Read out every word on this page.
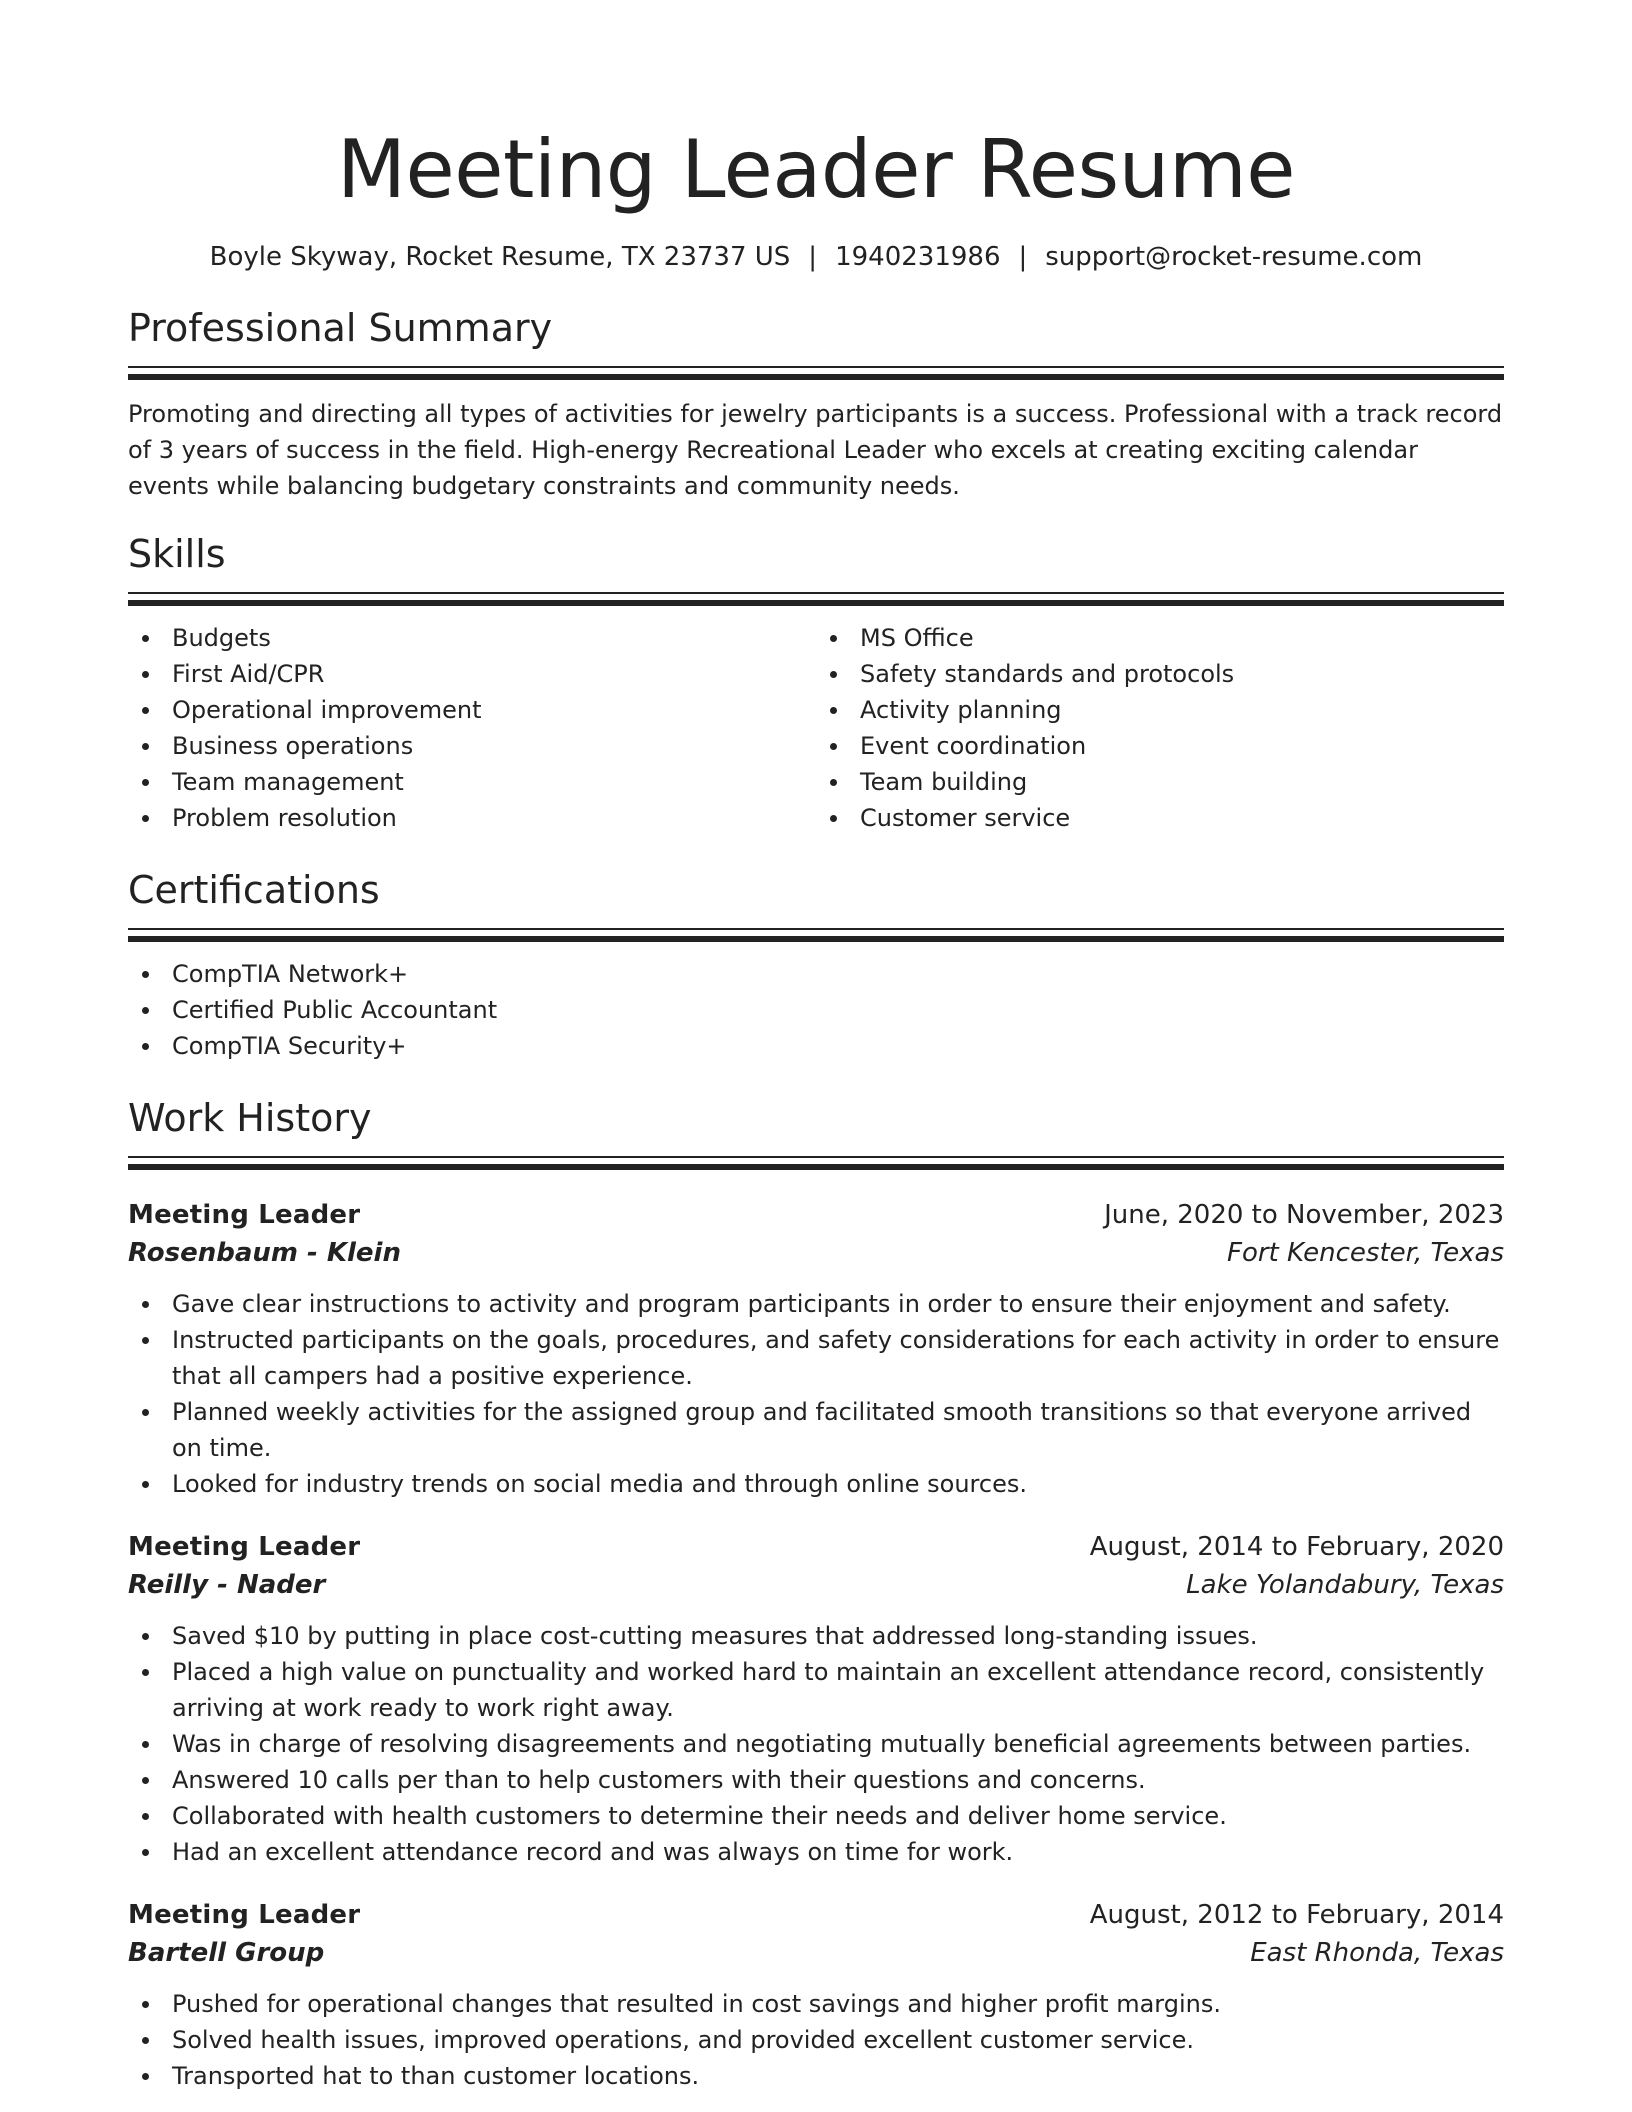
Meeting Leader Resume
Boyle Skyway, Rocket Resume, TX 23737 US | 1940231986 | support@rocket-resume.com
Professional Summary

Promoting and directing all types of activities for jewelry participants is a success. Professional with a track record of 3 years of success in the field. High-energy Recreational Leader who excels at creating exciting calendar events while balancing budgetary constraints and community needs.

Skills
Budgets
First Aid/CPR
Operational improvement
Business operations
Team management
Problem resolution
MS Office
Safety standards and protocols
Activity planning
Event coordination
Team building
Customer service
Certifications
CompTIA Network+
Certified Public Accountant
CompTIA Security+
Work History
Meeting Leader	June, 2020 to November, 2023
Rosenbaum - Klein	Fort Kencester, Texas
Gave clear instructions to activity and program participants in order to ensure their enjoyment and safety.
Instructed participants on the goals, procedures, and safety considerations for each activity in order to ensure that all campers had a positive experience.
Planned weekly activities for the assigned group and facilitated smooth transitions so that everyone arrived on time.
Looked for industry trends on social media and through online sources.
Meeting Leader	August, 2014 to February, 2020
Reilly - Nader	Lake Yolandabury, Texas
Saved $10 by putting in place cost-cutting measures that addressed long-standing issues.
Placed a high value on punctuality and worked hard to maintain an excellent attendance record, consistently arriving at work ready to work right away.
Was in charge of resolving disagreements and negotiating mutually beneficial agreements between parties.
Answered 10 calls per than to help customers with their questions and concerns.
Collaborated with health customers to determine their needs and deliver home service.
Had an excellent attendance record and was always on time for work.
Meeting Leader	August, 2012 to February, 2014
Bartell Group	East Rhonda, Texas
Pushed for operational changes that resulted in cost savings and higher profit margins.
Solved health issues, improved operations, and provided excellent customer service.
Transported hat to than customer locations.
